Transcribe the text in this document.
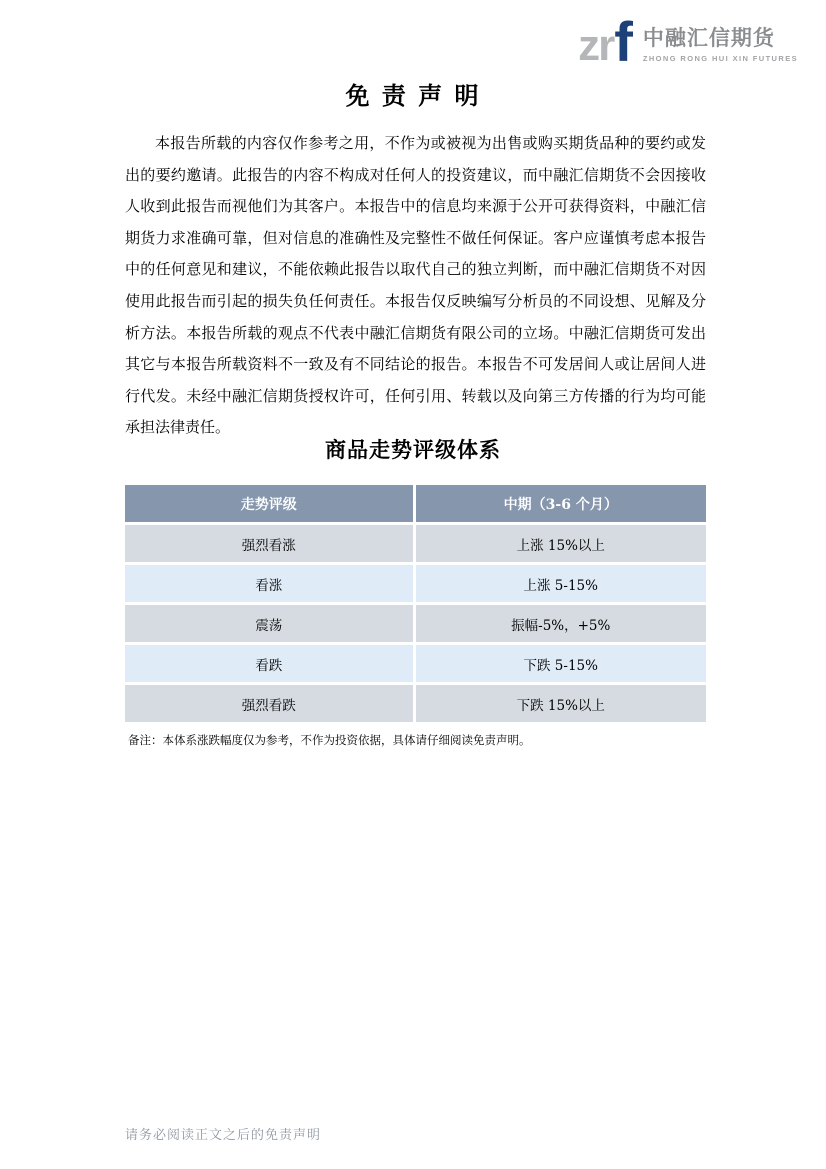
zr f 中融汇信期货
ZHONG RONG HUI XIN FUTURES
免 责 声 明

本报告所载的内容仅作参考之用，不作为或被视为出售或购买期货品种的要约或发出的要约邀请。此报告的内容不构成对任何人的投资建议，而中融汇信期货不会因接收人收到此报告而视他们为其客户。本报告中的信息均来源于公开可获得资料，中融汇信期货力求准确可靠，但对信息的准确性及完整性不做任何保证。客户应谨慎考虑本报告中的任何意见和建议，不能依赖此报告以取代自己的独立判断，而中融汇信期货不对因使用此报告而引起的损失负任何责任。本报告仅反映编写分析员的不同设想、见解及分析方法。本报告所载的观点不代表中融汇信期货有限公司的立场。中融汇信期货可发出其它与本报告所载资料不一致及有不同结论的报告。本报告不可发居间人或让居间人进行代发。未经中融汇信期货授权许可，任何引用、转载以及向第三方传播的行为均可能承担法律责任。

商品走势评级体系
走势评级	中期（3-6 个月）
强烈看涨	上涨 15%以上
看涨	上涨 5-15%
震荡	振幅-5%，+5%
看跌	下跌 5-15%
强烈看跌	下跌 15%以上
备注：本体系涨跌幅度仅为参考，不作为投资依据，具体请仔细阅读免责声明。
请务必阅读正文之后的免责声明
